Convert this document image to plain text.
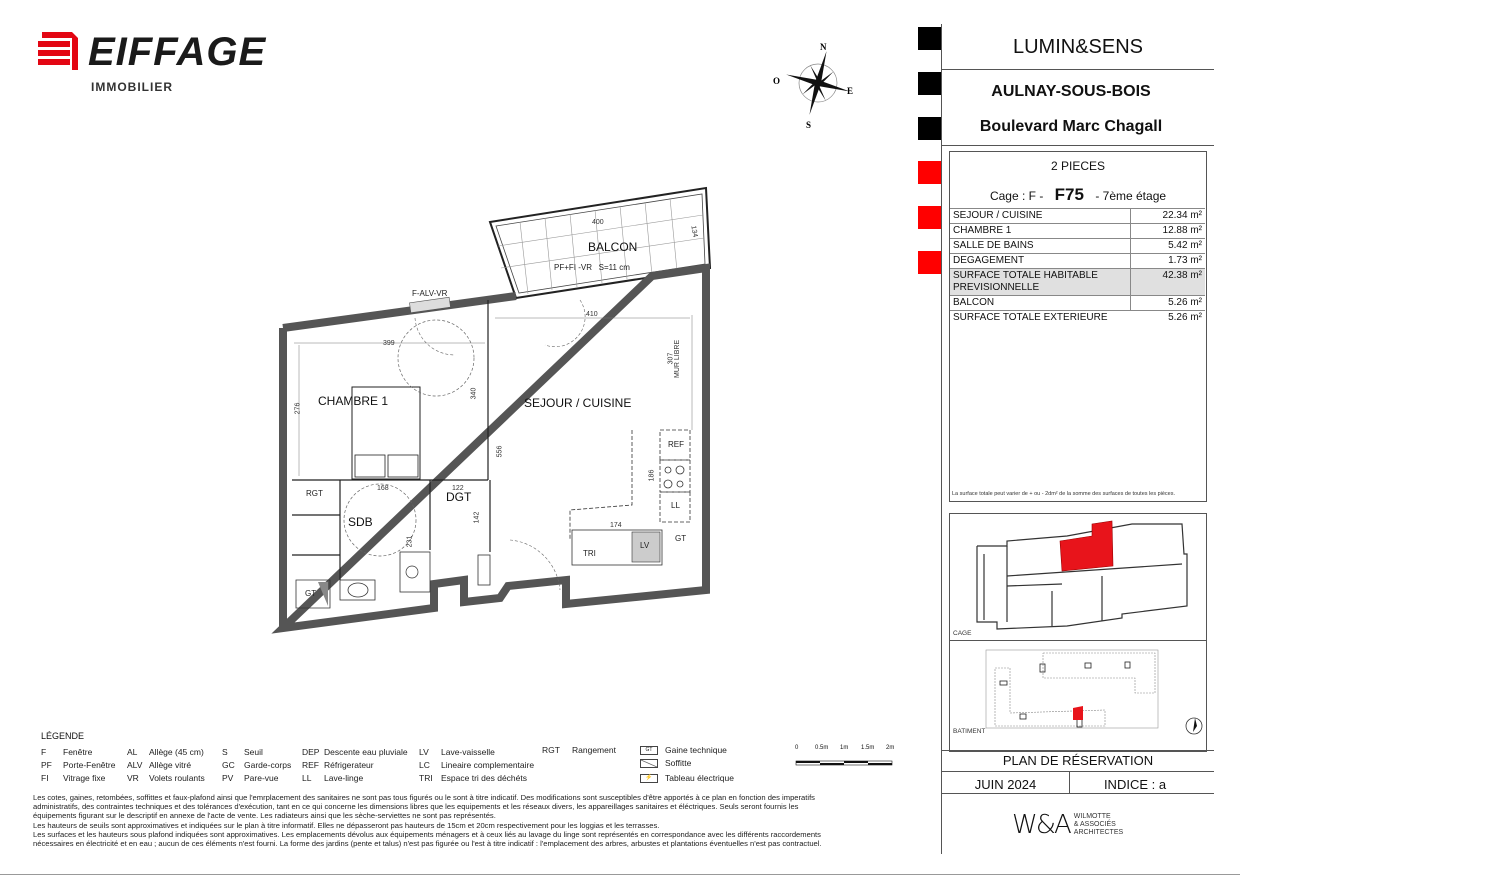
EIFFAGE
IMMOBILIER
N
O
E
S
BALCON
PF+FI -VR   S=11 cm
F-ALV-VR
CHAMBRE 1	SEJOUR / CUISINE
SDB
DGT
RGT
GT
GT
REF
LL
TRI
LV
MUR LIBRE
400
134
410
399
307
276
340
556
168	122
142
231
186
174
LUMIN&SENS
AULNAY-SOUS-BOIS
Boulevard Marc Chagall
2 PIECES
Cage : F - F75 - 7ème étage
SEJOUR / CUISINE	22.34 m²
CHAMBRE 1	12.88 m²
SALLE DE BAINS	5.42 m²
DEGAGEMENT	1.73 m²
SURFACE TOTALE HABITABLE PREVISIONNELLE	42.38 m²
BALCON	5.26 m²
SURFACE TOTALE EXTERIEURE	5.26 m²
La surface totale peut varier de + ou - 2dm² de la somme des surfaces de toutes les pièces.
CAGE
BATIMENT
PLAN DE RÉSERVATION
JUIN 2024	INDICE : a
W&A WILMOTTE
& ASSOCIÉS
ARCHITECTES
LÉGENDE
F Fenêtre
PF Porte-Fenêtre
FI Vitrage fixe
AL Allège (45 cm)
ALV Allège vitré
VR Volets roulants
S Seuil
GC Garde-corps
PV Pare-vue
DEP Descente eau pluviale
REF Réfrigerateur
LL Lave-linge
LV Lave-vaisselle
LC Lineaire complementaire
TRI Espace tri des déchéts
RGT Rangement	GT	Gaine technique
Soffitte
⚡	Tableau électrique
0	0.5m 1m 1.5m 2m
Les cotes, gaines, retombées, soffittes et faux-plafond ainsi que l'emrplacement des sanitaires ne sont pas tous figurés ou le sont à titre indicatif. Des modifications sont susceptibles d'être apportés à ce plan en fonction des imperatifs
administratifs, des contraintes techniques et des tolérances d'exécution, tant en ce qui concerne les dimensions libres que les equipements et les réseaux divers, les appareillages sanitaires et éléctriques. Seuls seront fournis les
équipements figurant sur le descriptif en annexe de l'acte de vente. Les radiateurs ainsi que les sèche-serviettes ne sont pas représentés.
Les hauteurs de seuils sont approximatives et indiquées sur le plan à titre informatif. Elles ne dépasseront pas hauteurs de 15cm et 20cm respectivement pour les loggias et les terrasses.
Les surfaces et les hauteurs sous plafond indiquées sont approximatives. Les emplacements dévolus aux équipements ménagers et à ceux liés au lavage du linge sont représentés en correspondance avec les différents raccordements
nécessaires en électricité et en eau ; aucun de ces éléments n'est fourni. La forme des jardins (pente et talus) n'est pas figurée ou l'est à titre indicatif : l'emplacement des arbres, arbustes et plantations éventuelles n'est pas contractuel.
